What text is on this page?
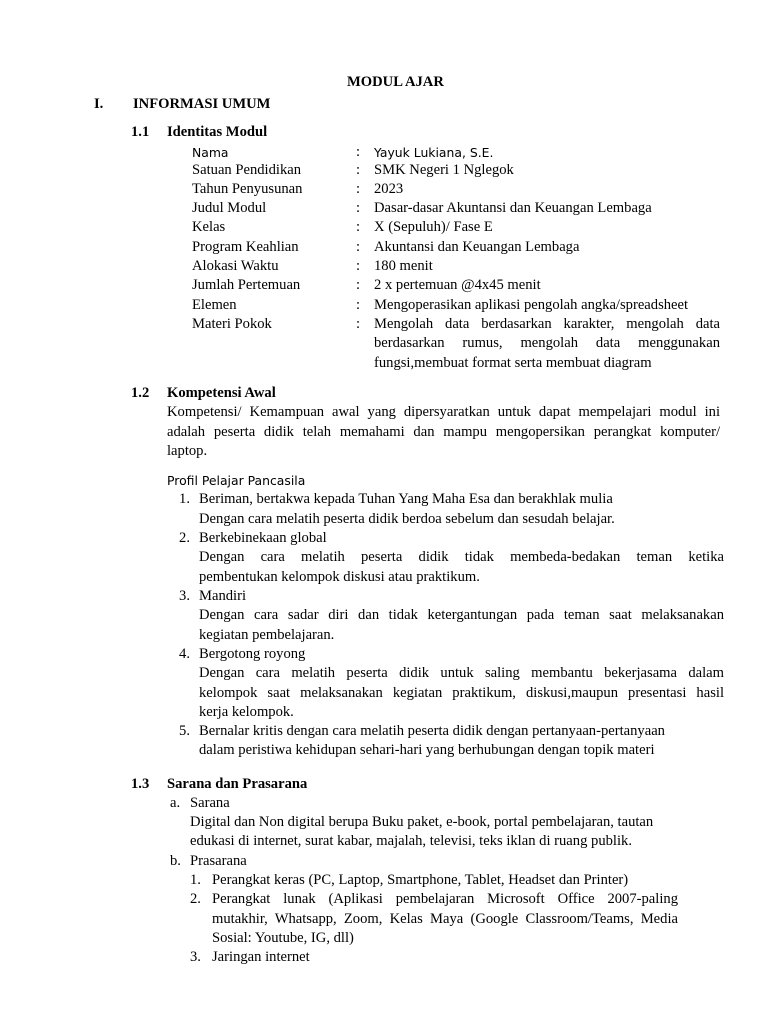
MODUL AJAR
I. INFORMASI UMUM
1.1 Identitas Modul
Nama	: Yayuk Lukiana, S.E.
Satuan Pendidikan	: SMK Negeri 1 Nglegok
Tahun Penyusunan	: 2023
Judul Modul	: Dasar-dasar Akuntansi dan Keuangan Lembaga
Kelas	: X (Sepuluh)/ Fase E
Program Keahlian	: Akuntansi dan Keuangan Lembaga
Alokasi Waktu	: 180 menit
Jumlah Pertemuan	: 2 x pertemuan @4x45 menit
Elemen	: Mengoperasikan aplikasi pengolah angka/spreadsheet
Materi Pokok	: Mengolah data berdasarkan karakter, mengolah data
berdasarkan rumus, mengolah data menggunakan
fungsi,membuat format serta membuat diagram
1.2 Kompetensi Awal
Kompetensi/ Kemampuan awal yang dipersyaratkan untuk dapat mempelajari modul ini
adalah peserta didik telah memahami dan mampu mengopersikan perangkat komputer/
laptop.
Profil Pelajar Pancasila
1. Beriman, bertakwa kepada Tuhan Yang Maha Esa dan berakhlak mulia
Dengan cara melatih peserta didik berdoa sebelum dan sesudah belajar.
2. Berkebinekaan global
Dengan cara melatih peserta didik tidak membeda-bedakan teman ketika
pembentukan kelompok diskusi atau praktikum.
3. Mandiri
Dengan cara sadar diri dan tidak ketergantungan pada teman saat melaksanakan
kegiatan pembelajaran.
4. Bergotong royong
Dengan cara melatih peserta didik untuk saling membantu bekerjasama dalam
kelompok saat melaksanakan kegiatan praktikum, diskusi,maupun presentasi hasil
kerja kelompok.
5. Bernalar kritis dengan cara melatih peserta didik dengan pertanyaan-pertanyaan
dalam peristiwa kehidupan sehari-hari yang berhubungan dengan topik materi
1.3 Sarana dan Prasarana
a. Sarana
Digital dan Non digital berupa Buku paket, e-book, portal pembelajaran, tautan
edukasi di internet, surat kabar, majalah, televisi, teks iklan di ruang publik.
b. Prasarana
1. Perangkat keras (PC, Laptop, Smartphone, Tablet, Headset dan Printer)
2. Perangkat lunak (Aplikasi pembelajaran Microsoft Office 2007-paling
mutakhir, Whatsapp, Zoom, Kelas Maya (Google Classroom/Teams, Media
Sosial: Youtube, IG, dll)
3. Jaringan internet
